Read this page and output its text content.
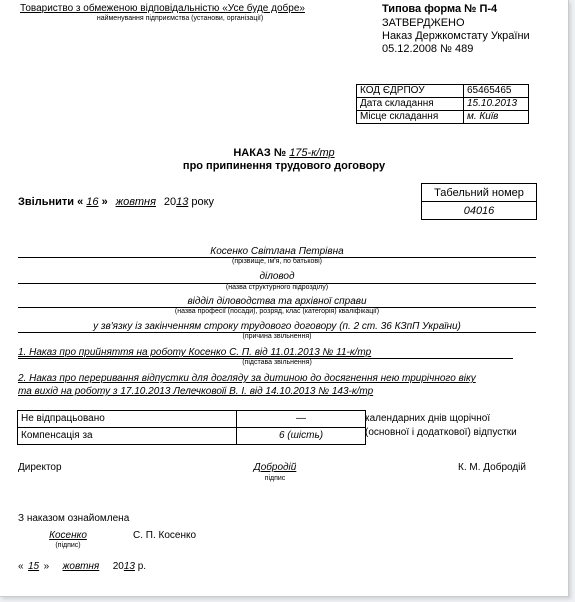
Товариство з обмеженою відповідальністю «Усе буде добре»
найменування підприємства (установи, організації)
Типова форма № П-4
ЗАТВЕРДЖЕНО
Наказ Держкомстату України
05.12.2008 № 489
КОД ЄДРПОУ	65465465
Дата складання	15.10.2013
Місце складання	м. Київ
НАКАЗ № 175-к/тр
про припинення трудового договору
Звільнити « 16 » жовтня 2013 року
Табельний номер
04016
Косенко Світлана Петрівна
(прізвище, ім'я, по батькові)
діловод
(назва структурного підрозділу)
відділ діловодства та архівної справи
(назва професії (посади), розряд, клас (категорія) кваліфікації)
у зв'язку із закінченням строку трудового договору (п. 2 ст. 36 КЗпП України)
(причина звільнення)
1. Наказ про прийняття на роботу Косенко С. П. від 11.01.2013 № 11-к/тр
(підстава звільнення)
2. Наказ про переривання відпустки для догляду за дитиною до досягнення нею трирічного віку
та вихід на роботу з 17.10.2013 Лелечковоїі В. І. від 14.10.2013 № 143-к/тр
Не відпрацьовано	—
Компенсація за	6 (шість)
календарних днів щорічної
(основної і додаткової) відпустки
Директор	Добродій
підпис
К. М. Добродій
З наказом ознайомлена
Косенко
(підпис)
С. П. Косенко
« 15 » жовтня 2013 р.
